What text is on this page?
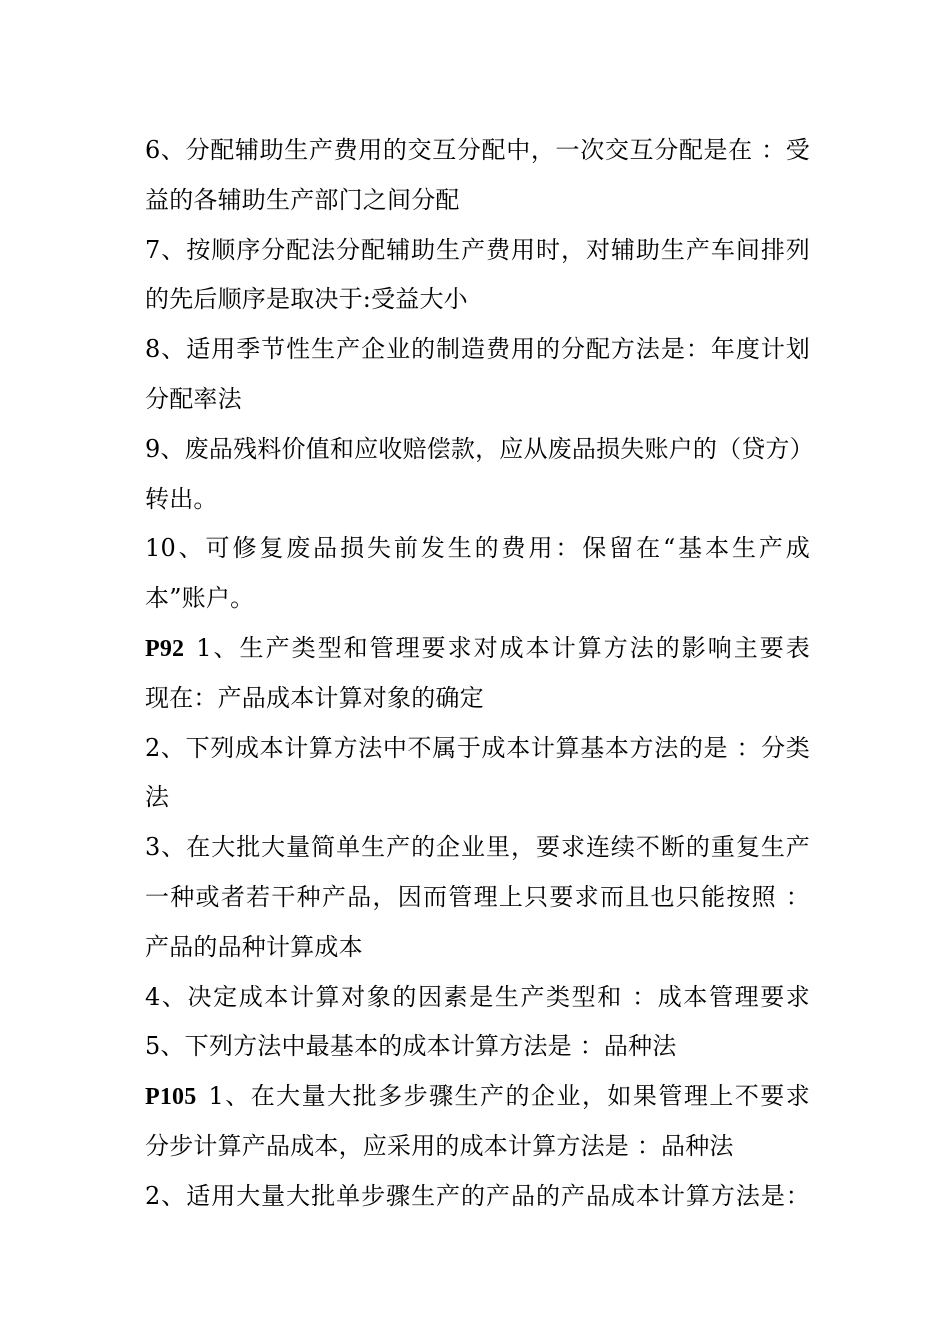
6、分配辅助生产费用的交互分配中，一次交互分配是在 ：受
益的各辅助生产部门之间分配
7、按顺序分配法分配辅助生产费用时，对辅助生产车间排列
的先后顺序是取决于:受益大小
8、适用季节性生产企业的制造费用的分配方法是：年度计划
分配率法
9、废品残料价值和应收赔偿款，应从废品损失账户的（贷方）
转出。
10、可修复废品损失前发生的费用：保留在“基本生产成
本”账户。
P92 1、生产类型和管理要求对成本计算方法的影响主要表
现在：产品成本计算对象的确定
2、下列成本计算方法中不属于成本计算基本方法的是 ：分类
法
3、在大批大量简单生产的企业里，要求连续不断的重复生产
一种或者若干种产品，因而管理上只要求而且也只能按照 ：
产品的品种计算成本
4、决定成本计算对象的因素是生产类型和 ：成本管理要求
5、下列方法中最基本的成本计算方法是 ：品种法
P105 1、在大量大批多步骤生产的企业，如果管理上不要求
分步计算产品成本，应采用的成本计算方法是 ：品种法
2、适用大量大批单步骤生产的产品的产品成本计算方法是：
